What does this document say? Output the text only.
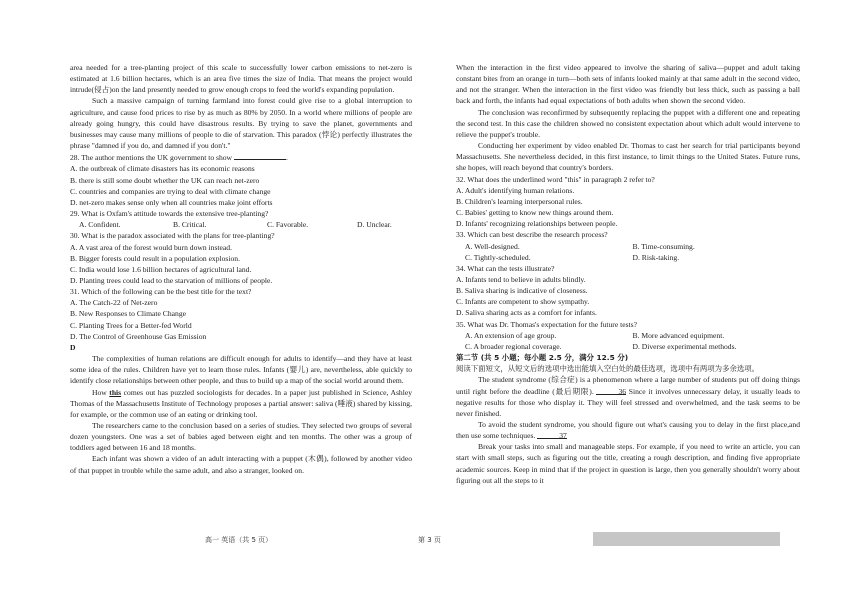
area needed for a tree-planting project of this scale to successfully lower carbon emissions to net-zero is estimated at 1.6 billion hectares, which is an area five times the size of India. That means the project would intrude(侵占)on the land presently needed to grow enough crops to feed the world's expanding population.

Such a massive campaign of turning farmland into forest could give rise to a global interruption to agriculture, and cause food prices to rise by as much as 80% by 2050. In a world where millions of people are already going hungry, this could have disastrous results. By trying to save the planet, governments and businesses may cause many millions of people to die of starvation. This paradox (悖论) perfectly illustrates the phrase "damned if you do, and damned if you don't."

28. The author mentions the UK government to show	.

A. the outbreak of climate disasters has its economic reasons

B. there is still some doubt whether the UK can reach net-zero

C. countries and companies are trying to deal with climate change

D. net-zero makes sense only when all countries make joint efforts

29. What is Oxfam's attitude towards the extensive tree-planting?

A. Confident.	B. Critical.	C. Favorable.	D. Unclear.

30. What is the paradox associated with the plans for tree-planting?

A. A vast area of the forest would burn down instead.

B. Bigger forests could result in a population explosion.

C. India would lose 1.6 billion hectares of agricultural land.

D. Planting trees could lead to the starvation of millions of people.

31. Which of the following can be the best title for the text?

A. The Catch-22 of Net-zero

B. New Responses to Climate Change

C. Planting Trees for a Better-fed World

D. The Control of Greenhouse Gas Emission

D

The complexities of human relations are difficult enough for adults to identify—and they have at least some idea of the rules. Children have yet to learn those rules. Infants (婴儿) are, nevertheless, able quickly to identify close relationships between other people, and thus to build up a map of the social world around them.

How this comes out has puzzled sociologists for decades. In a paper just published in Science, Ashley Thomas of the Massachusetts Institute of Technology proposes a partial answer: saliva (唾液) shared by kissing, for example, or the common use of an eating or drinking tool.

The researchers came to the conclusion based on a series of studies. They selected two groups of several dozen youngsters. One was a set of babies aged between eight and ten months. The other was a group of toddlers aged between 16 and 18 months.

Each infant was shown a video of an adult interacting with a puppet (木偶), followed by another video of that puppet in trouble while the same adult, and also a stranger, looked on.

When the interaction in the first video appeared to involve the sharing of saliva—puppet and adult taking constant bites from an orange in turn—both sets of infants looked mainly at that same adult in the second video, and not the stranger. When the interaction in the first video was friendly but less thick, such as passing a ball back and forth, the infants had equal expectations of both adults when shown the second video.

The conclusion was reconfirmed by subsequently replacing the puppet with a different one and repeating the second test. In this case the children showed no consistent expectation about which adult would intervene to relieve the puppet's trouble.

Conducting her experiment by video enabled Dr. Thomas to cast her search for trial participants beyond Massachusetts. She nevertheless decided, in this first instance, to limit things to the United States. Future runs, she hopes, will reach beyond that country's borders.

32. What does the underlined word "this" in paragraph 2 refer to?

A. Adult's identifying human relations.

B. Children's learning interpersonal rules.

C. Babies' getting to know new things around them.

D. Infants' recognizing relationships between people.

33. Which can best describe the research process?

A. Well-designed.	B. Time-consuming.
C. Tightly-scheduled.	D. Risk-taking.

34. What can the tests illustrate?

A. Infants tend to believe in adults blindly.

B. Saliva sharing is indicative of closeness.

C. Infants are competent to show sympathy.

D. Saliva sharing acts as a comfort for infants.

35. What was Dr. Thomas's expectation for the future tests?

A. An extension of age group.	B. More advanced equipment.
C. A broader regional coverage.	D. Diverse experimental methods.

第二节 (共 5 小题；每小题 2.5 分，满分 12.5 分)

阅读下面短文，从短文后的选项中选出能填入空白处的最佳选项，选项中有两项为多余选项。

The student syndrome (综合症) is a phenomenon where a large number of students put off doing things until right before the deadline (最后期限).	36 Since it involves unnecessary delay, it usually leads to negative results for those who display it. They will feel stressed and overwhelmed, and the task seems to be never finished.

To avoid the student syndrome, you should figure out what's causing you to delay in the first place,and then use some techniques.	37

Break your tasks into small and manageable steps. For example, if you need to write an article, you can start with small steps, such as figuring out the title, creating a rough description, and finding five appropriate academic sources. Keep in mind that if the project in question is large, then you generally shouldn't worry about figuring out all the steps to it

高一 英语（共 5 页）	第 3 页
